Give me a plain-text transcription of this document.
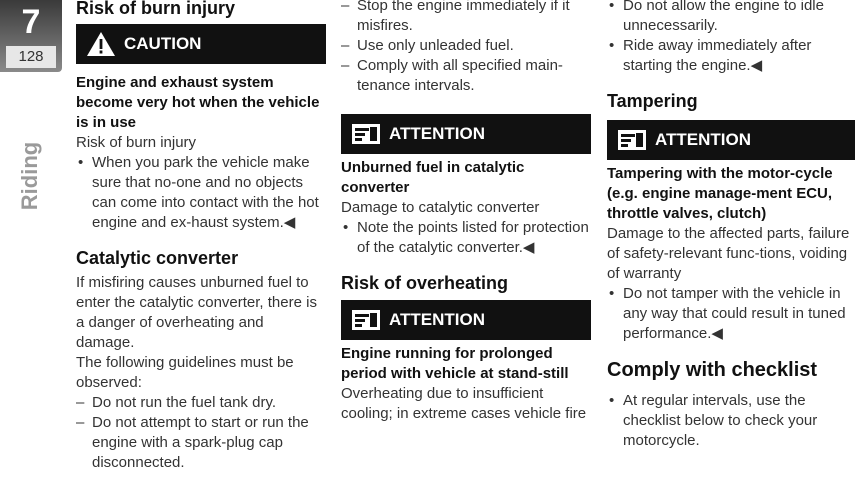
7
128
Riding
Risk of burn injury
CAUTION
Engine and exhaust system become very hot when the vehicle is in use
Risk of burn injury
• When you park the vehicle make sure that no-one and no objects can come into contact with the hot engine and ex-haust system.◀
Catalytic converter
If misfiring causes unburned fuel to enter the catalytic converter, there is a danger of overheating and damage.
The following guidelines must be observed:
– Do not run the fuel tank dry.
– Do not attempt to start or run the engine with a spark-plug cap disconnected.
– Stop the engine immediately if it misfires.
– Use only unleaded fuel.
– Comply with all specified main-tenance intervals.
ATTENTION
Unburned fuel in catalytic converter
Damage to catalytic converter
• Note the points listed for protection of the catalytic converter.◀
Risk of overheating
ATTENTION
Engine running for prolonged period with vehicle at stand-still
Overheating due to insufficient cooling; in extreme cases vehicle fire
• Do not allow the engine to idle unnecessarily.
• Ride away immediately after starting the engine.◀
Tampering
ATTENTION
Tampering with the motor-cycle (e.g. engine manage-ment ECU, throttle valves, clutch)
Damage to the affected parts, failure of safety-relevant func-tions, voiding of warranty
• Do not tamper with the vehicle in any way that could result in tuned performance.◀
Comply with checklist
• At regular intervals, use the checklist below to check your motorcycle.
